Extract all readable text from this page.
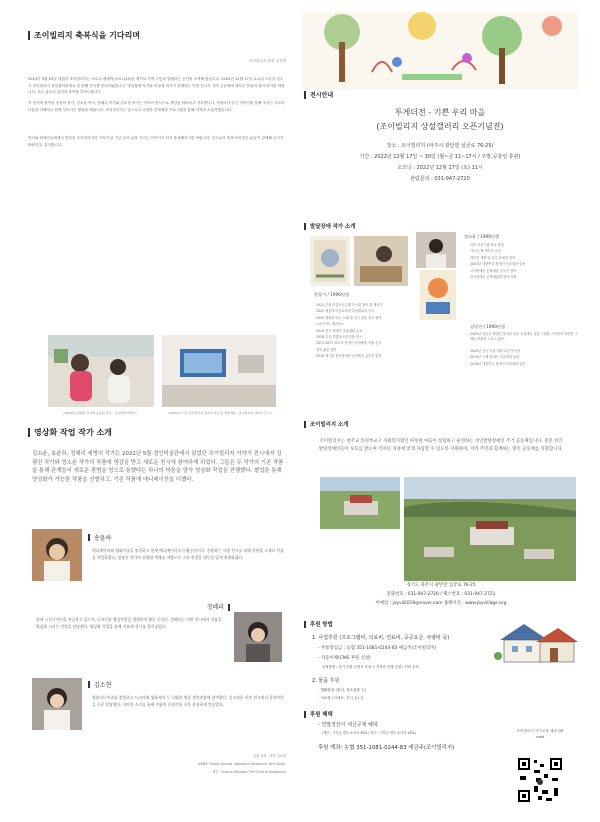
조이빌리지 축복식을 기다리며
조이빌리지 원장 김지영
2013년 5월 20일 개원한 조이빌리지는 코로나 팬데믹(코로나19)을 계기로 지역 주민과 함께하는 공간을 모색해 왔습니다. 2022년 12월 17일 토요일 오픈을 앞두고 조이빌리지 상설갤러리에서 첫 번째 전시를 준비하였습니다. 발달장애 작가와 비장애 작가가 함께하는 이번 전시가 지역 공동체에 새로운 만남의 장이 되기를 바랍니다. 모든 분들의 관심과 참여를 부탁드립니다.
이 전시에 참여한 송윤하 작가, 김소윤 작가, 정혜리 작가와 김소현 작가는 각자의 방식으로 세상을 바라보고 기록합니다. 작품마다 담긴 이야기를 통해 우리는 서로의 다름을 이해하고 함께 살아가는 방법을 배웁니다. 조이빌리지는 앞으로도 다양한 문화예술 프로그램을 통해 지역과 소통하겠습니다.
반서와 장애인들에게서 발달한 조이빌리지의 카미가 된 기금 들의 삶을 지키는 이야기가 더욱 풍성해지기를 바랍니다. 앞으로의 축복식에 많은 분들이 함께해 주시기 바랍니다. 감사합니다.
<2022년 정혜리 작가와 송윤하 작가 - 조이빌리지에서>	<2022년 기존 조이빌리지 갤러리 전시 및 영상작품 - 조이빌리지 갤러리 전시>
영상화 작업 작가 소개
김소윤, 송윤하, 정혜리 세명의 작가는 2022년 5월 경인미술관에서 있었던 조이빌리지 이야기 전시에서 김평진 작가와 정소윤 작가의 작품에 영감을 받고 새로운 전시에 참여하게 되었다. 그들은 두 작가의 기존 작품을 통해 관계들이 새로운 광범을 영으로 통했다는 하나의 마음을 담아 영상화 작업을 진행했다. 협업을 통해 영상화가 가능한 작품을 선별하고, 기존 작품에 애니메이션을 더했다.
송윤하
애니메이터와 영화미술을 졸업하고 현재 애니메이터로서 활동중이다. 송윤하는 사랑 전시를 위해 정원을 소재로 작품을 작업하였다. 김평진 작가의 선명한 색채를 바탕으로 그의 풍경을 생동감 있게 연출하였다.
정혜리
현재 시각디자인을 전공하고 있으며, 디자인과 영상작업을 병행하며 활동 중이다. 정혜리는 이번 전시에서 작품을 영상화 시키는 작업을 담당했다. 영상화 작업을 통해 작품에 생기를 불어넣었다.
김소현
영화미디어과를 졸업하고 드라마와 영화제작 등 다양한 영상 제작현장에 참여했다. 김소현은 이번 전시에서 음향작업을 주로 담당했다. 자연의 소리를 통해 작품의 분위기를 더욱 풍성하게 만들었다.
음원 출처 : 작가 김소현
ASMR "Forest Sounds, Woodland Ambience, Bird Song"
제공 : Francis Mathew (The Guild of Ambience)
전시안내
투게더전 - 기쁜 우리 마을
(조이빌리지 상설갤러리 오픈기념전)
장소 : 조이빌리지 (파주시 광탄면 심궁로 76-25)
기간 : 2022년 12월 17일 ~ 30일 (월~금 11~17시 / 주말,공휴일 휴관)
오프닝 : 2022년 12월 17일 (토) 11시
관람문의 : 031-947-2720
발달장애 작가 소개
정소윤 / 1996년생
서울 마음그림 학교 졸업
아트인 제 개인전 수상
개인전 개최 및 다수 단체전 참여
2021년 대한민국 장애인 미술대전 입선
시각장애인 문화예술 공모전 참여
한국장애인 문화예술원 창작 지원
한창기 / 1996년생
2021 본원 미술프로그램 전시회 참여 및 개인전
2020 세종대 미술교육원 특성화교육 전시
2020 행복을 여는 노래 및 전시 공동 전시 참여
<나가가는 갤러리>
2019 전국 장애인 미술대회 수상
2018 부산 특별전시회 작품 전시
2017 2017 파주시 장애인 문화예술 작품 전시
창작 활동 일반
2016 제 7회 전국장애인 문화예술 공모전 입선
김평진 / 1990년생
2005년 영등포 장애인 복지관 미술 교실에서 처음 그림을 시작하여 다양한 주제로 작품을 그리고 있다.
2022년 전국 미술 대회 특선 작가상
2019년 국제 장애인 미술대회 입선
2018년 대한민국 장애인 미술대회 입선
조이빌리지 소개
조이빌리지는 천주교 의정부교구 사회복지법인 따뜻한 마음이 설립하고 운영하는 성인발달장애인 주거 공동체입니다. 중증 성인발달장애인들이 보호를 받으며 각자의 개성에 맞게 자립할 수 있도록 지원하며, 지역 주민과 함께하는 열린 공동체를 지향합니다.
경기도 파주시 광탄면 심궁로 76-25
전화번호 : 031-947-2720 / 팩스번호 : 031-947-2721
이메일 : joyvil2019@naver.com 홈페이지 : www.joyvillage.org
후원 방법
1. 사업후원 (프로그램비, 의료비, 연료비, 공공요금, 차량비 등)
- 무통장입금 : 농협 351-1081-0244-83 예금주(조이빌리지)
- 자동이체(CMS 후원 신청)
신청방법 : 정기 후원 신청서 작성 → 가까운 은행 신청 / 전화 문의
2. 물품 후원
- 생활용품 (휴지, 청소용품 등)
- 식료품 (식재료, 간식 등) 등
후원 혜택
- 연말정산시 세금공제 혜택
(개인 : 기부금 연도 소득의 30% / 법인 : 기부금 연도 소득의 10%)
후원 계좌: 농협 351-1081-0244-83 예금주(조이빌리지)
조이빌리지 카카오톡 채널 QR code
